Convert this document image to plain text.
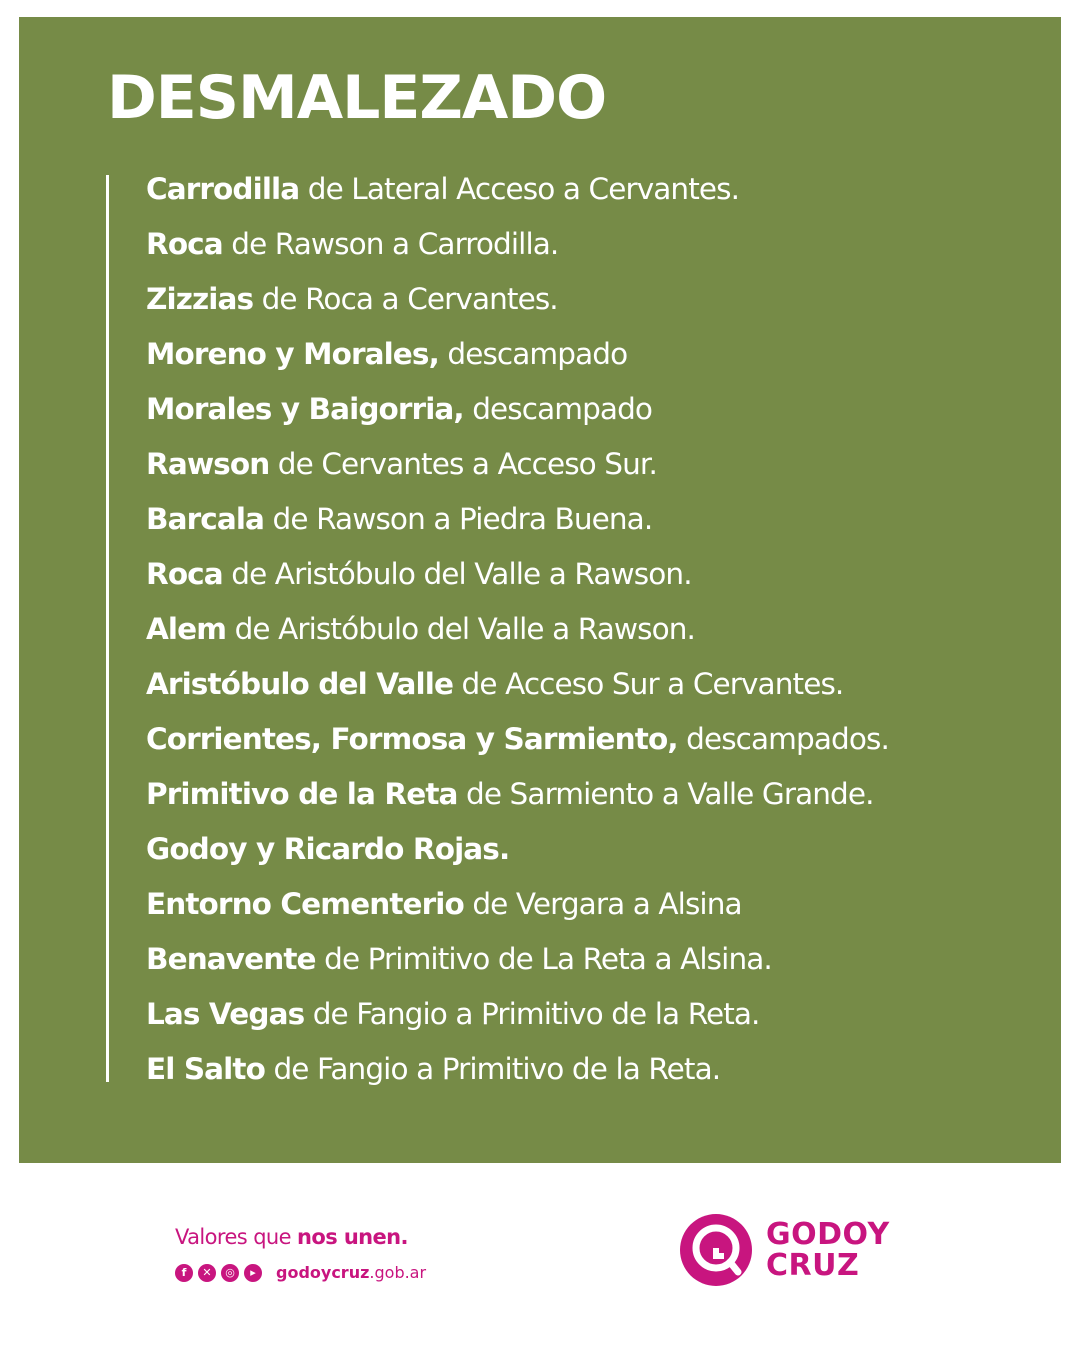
DESMALEZADO
Carrodilla de Lateral Acceso a Cervantes.
Roca de Rawson a Carrodilla.
Zizzias de Roca a Cervantes.
Moreno y Morales, descampado
Morales y Baigorria, descampado
Rawson de Cervantes a Acceso Sur.
Barcala de Rawson a Piedra Buena.
Roca de Aristóbulo del Valle a Rawson.
Alem de Aristóbulo del Valle a Rawson.
Aristóbulo del Valle de Acceso Sur a Cervantes.
Corrientes, Formosa y Sarmiento, descampados.
Primitivo de la Reta de Sarmiento a Valle Grande.
Godoy y Ricardo Rojas.
Entorno Cementerio de Vergara a Alsina
Benavente de Primitivo de La Reta a Alsina.
Las Vegas de Fangio a Primitivo de la Reta.
El Salto de Fangio a Primitivo de la Reta.
Valores que nos unen.
f	✕	◎	▸	godoycruz.gob.ar
GODOY
CRUZ
